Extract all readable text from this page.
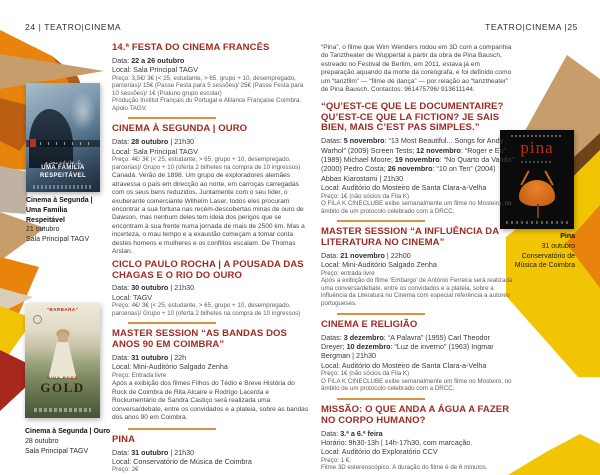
24 | TEATRO|CINEMA	TEATRO|CINEMA |25
یک خانواده محترم
UMA FAMÍLIA
RESPEITÁVEL
Cinema à Segunda |
Uma Família Respeitável
21 outubro
Sala Principal TAGV
“BARBARA”
NINA HOSS
GOLD
Cinema à Segunda | Ouro
28 outubro
Sala Principal TAGV
pina
Pina
31 outubro
Conservatório de
Música de Coimbra
14.ª FESTA DO CINEMA FRANCÊS

Data: 22 a 26 outubro

Local: Sala Principal TAGV

Preço: 3,5€/ 3€ (< 25, estudante, > 65, grupo + 10, desempregado, parcerias)/ 15€ (Passe Festa para 5 sessões)/ 25€ (Passe Festa para 10 sessões)/ 1€ (P/aluno grupo escolar)

Produção Institut Français du Portugal e Alliance Française Coimbra. Apoio TAGV.

CINEMA À SEGUNDA | OURO

Data: 28 outubro | 21h30

Local: Sala Principal TAGV

Preço: 4€/ 3€ (< 25, estudante, > 65, grupo + 10, desempregado, parcerias)/ Grupo + 10 (oferta 2 bilhetes na compra de 10 ingressos)

Canadá. Verão de 1898. Um grupo de exploradores alemães atravessa o país em direcção ao norte, em carroças carregadas com os seus bens reduzidos. Juntamente com o seu líder, o exuberante comerciante Wilhelm Laser, todos eles procuram encontrar a sua fortuna nas recém-descobertas minas de ouro de Dawson, mas nenhum deles tem ideia dos perigos que se encontram à sua frente numa jornada de mais de 2500 km. Mas a incerteza, o mau tempo e a exaustão começam a tomar conta destes homens e mulheres e os conflitos escalam. De Thomas Arslan.

CICLO PAULO ROCHA | A POUSADA DAS CHAGAS E O RIO DO OURO

Data: 30 outubro | 21h30

Local: TAGV

Preço: 4€/ 3€ (< 25, estudante, > 65, grupo + 10, desempregado, parcerias)/ Grupo + 10 (oferta 2 bilhetes na compra de 10 ingressos)

MASTER SESSION “AS BANDAS DOS ANOS 90 EM COIMBRA”

Data: 31 outubro | 22h

Local: Mini-Auditório Salgado Zenha

Preço: Entrada livre

Após a exibição dos filmes Filhos do Tédio e Breve História do Rock de Coimbra de Rita Alcaire e Rodrigo Lacerda e Rockumentário de Sandra Castiço será realizada uma conversa/debate, entre os convidados e a plateia, sobre as bandas dos anos 90 em Coimbra.

PINA

Data: 31 outubro | 21h30

Local: Conservatório de Música de Coimbra

Preço: 2€

“Pina”, o filme que Wim Wenders rodou em 3D com a companhia do Tanztheater de Wuppertal a partir da obra de Pina Bausch, estreado no Festival de Berlim, em 2011, estava já em preparação aquando da morte da coreógrafa, e foi definido como um “tanzfilm” — “filme de dança” — por relação ao “tanztheater” de Pina Bausch. Contactos: 961475796/ 913611144.

“QU’EST-CE QUE LE DOCUMENTAIRE? QU’EST-CE QUE LA FICTION? JE SAIS BIEN, MAIS C’EST PAS SIMPLES.”

Datas: 5 novembro: “13 Most Beautiful... Songs for Andy Warhol” (2009) Screen Tests; 12 novembro: “Roger e Eu” (1989) Michael Moore; 19 novembro: “No Quarto da Vanda” (2000) Pedro Costa; 26 novembro: “10 on Ten” (2004) Abbas Kiarostami | 21h30

Local: Auditório do Mosteiro de Santa Clara-a-Velha

Preço: 1€ (não sócios da Fila K)

O FILA K CINECLUBE exibe semanalmente um filme no Mosteiro, no âmbito de um protocolo celebrado com a DRCC.

MASTER SESSION “A INFLUÊNCIA DA LITERATURA NO CINEMA”

Data: 21 novembro | 22h00

Local: Mini-Auditório Salgado Zenha

Preço: entrada livre

Após a exibição do filme ‘Embargo’ de António Ferreira será realizada uma conversa/debate, entre os convidados e a plateia, sobre a influência da Literatura no Cinema com especial referência a autores portugueses.

CINEMA E RELIGIÃO

Datas: 3 dezembro: “A Palavra” (1955) Carl Theodor Dreyer; 10 dezembro: “Luz de inverno” (1963) Ingmar Bergman | 21h30

Local: Auditório do Mosteiro de Santa Clara-a-Velha

Preço: 1€ (não sócios da Fila K)

O FILA K CINECLUBE exibe semanalmente um filme no Mosteiro, no âmbito de um protocolo celebrado com a DRCC.

MISSÃO: O QUE ANDA A ÁGUA A FAZER NO CORPO HUMANO?

Data: 3.ª a 6.ª feira

Horário: 9h30-13h | 14h-17h30, com marcação.

Local: Auditório do Exploratório CCV

Preço: 1 €.

Filme 3D estereoscópico. A duração do filme é de 6 minutos.
